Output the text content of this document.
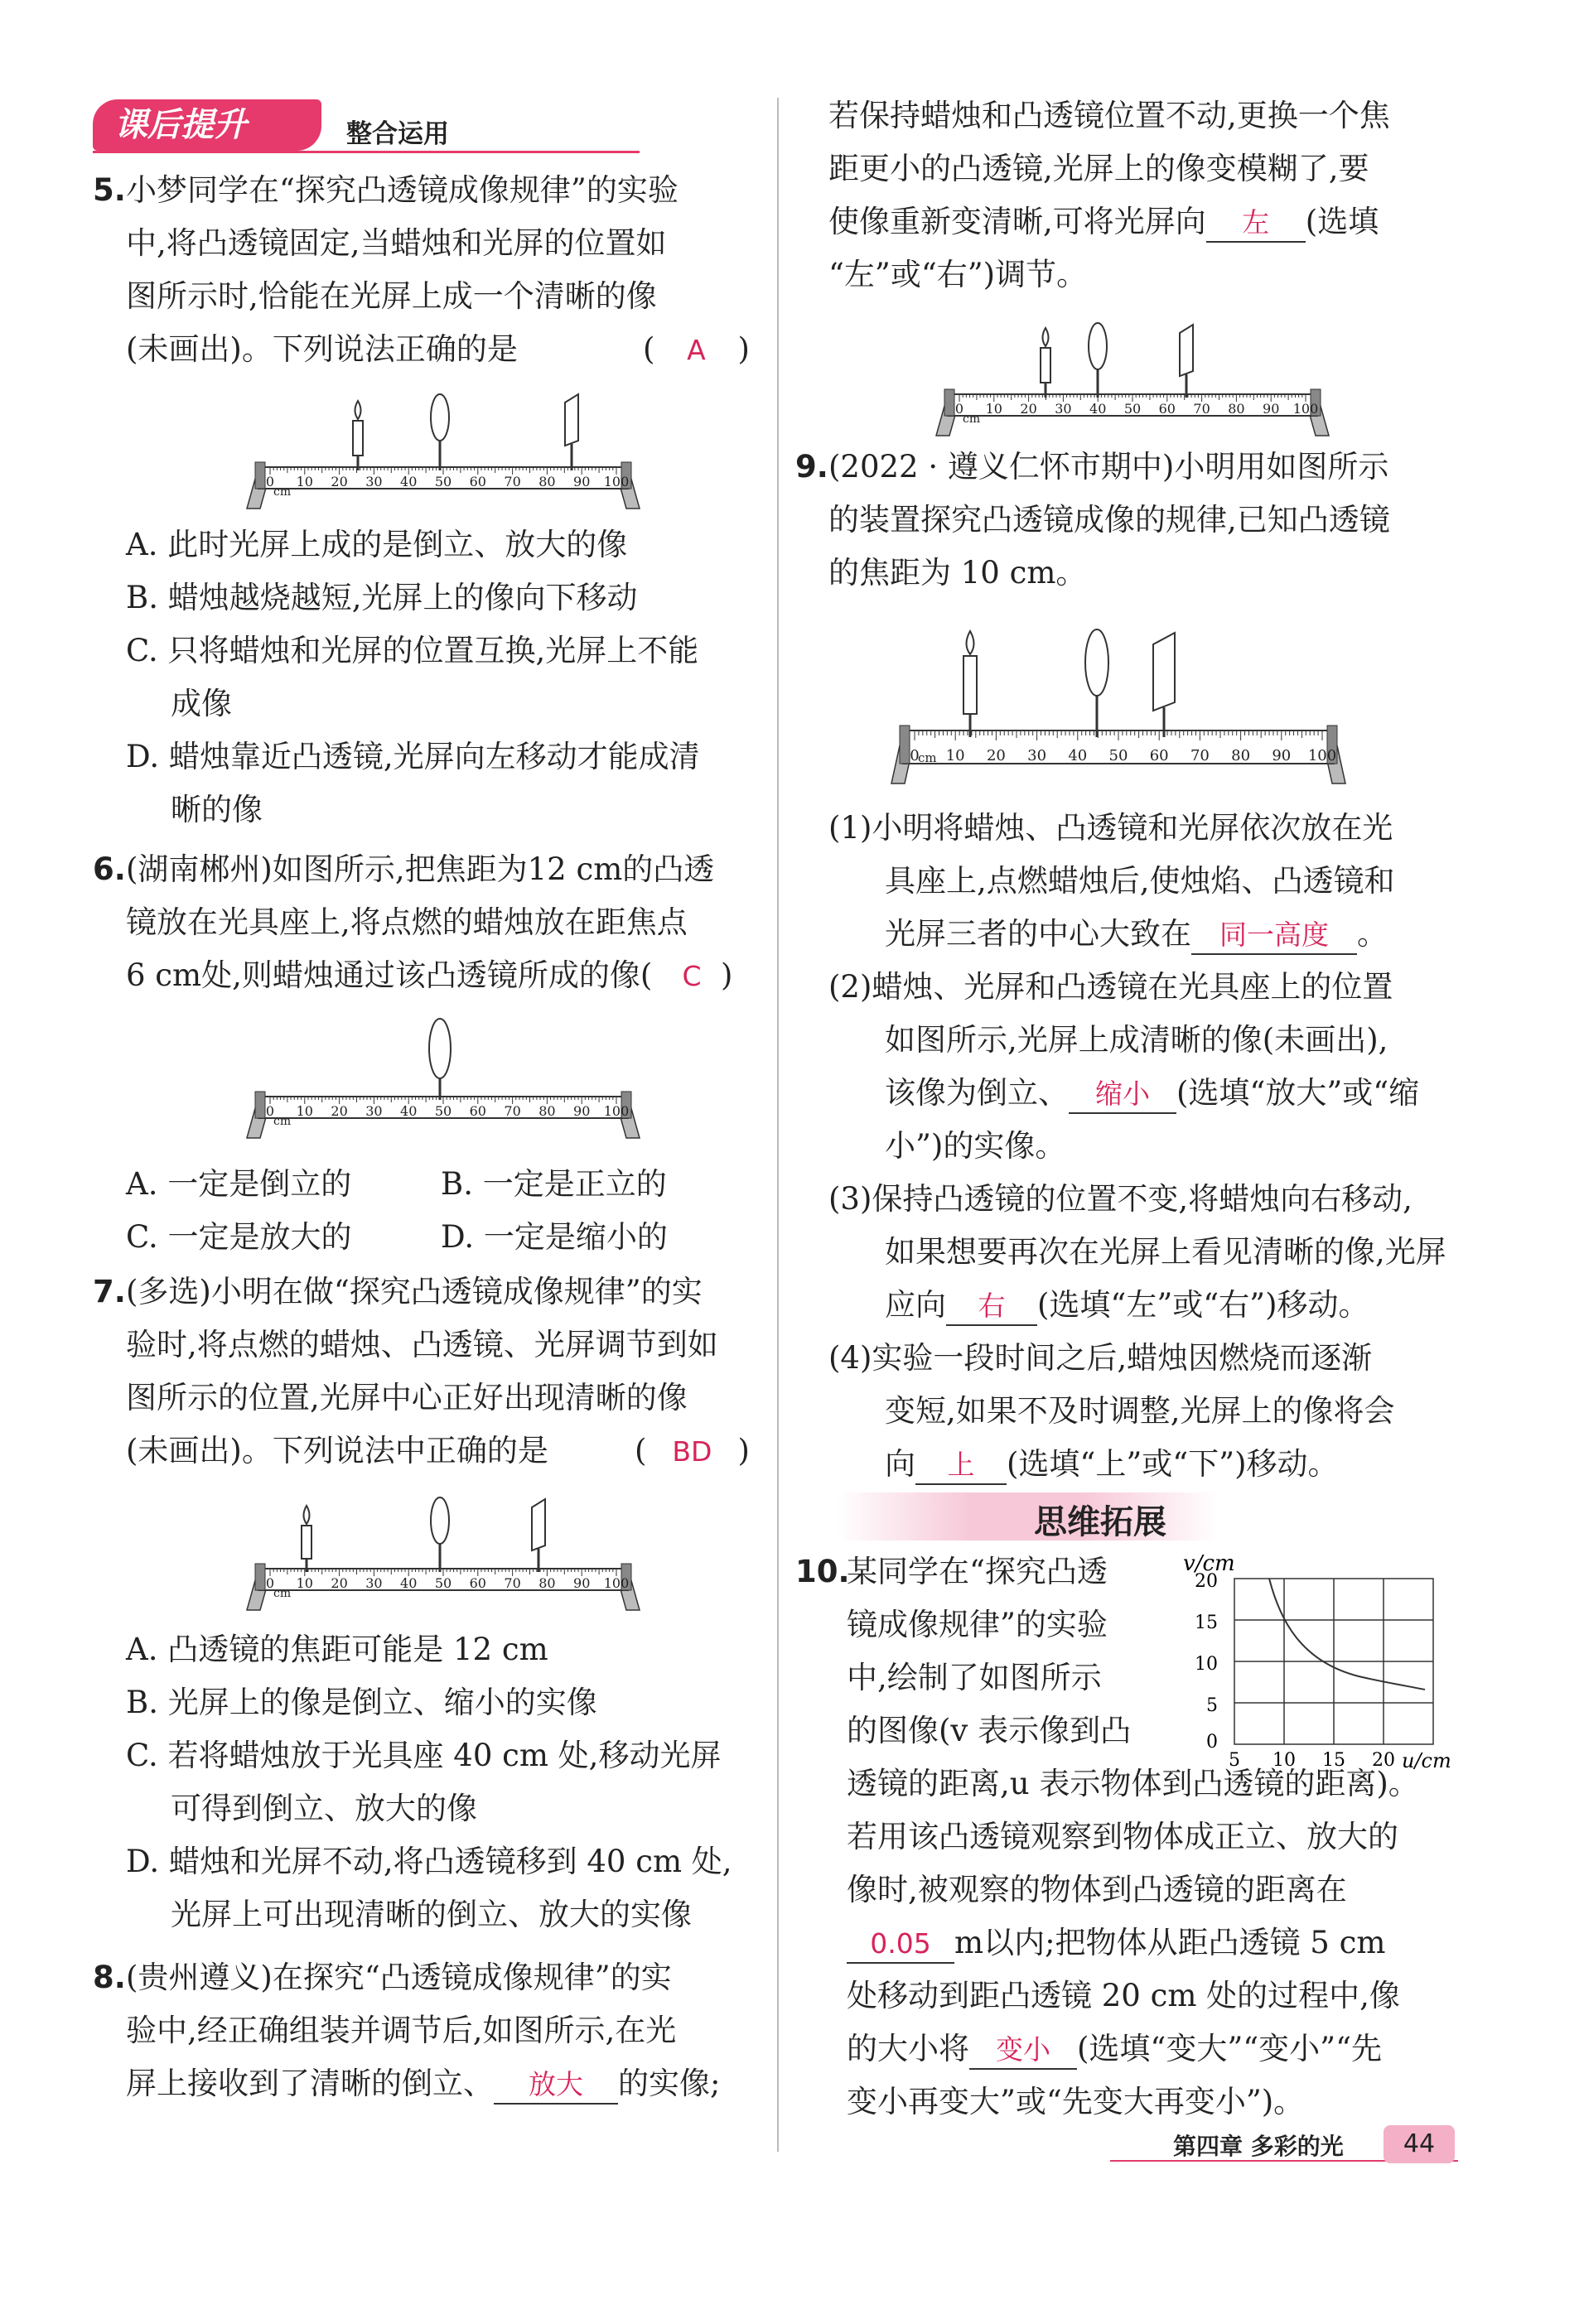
课后提升	整合运用
5. 小梦同学在“探究凸透镜成像规律”的实验
中,将凸透镜固定,当蜡烛和光屏的位置如
图所示时,恰能在光屏上成一个清晰的像
(未画出)。下列说法正确的是	( A )
0 10 20 30 40 50 60 70 80 90 100
cm
A. 此时光屏上成的是倒立、放大的像
B. 蜡烛越烧越短,光屏上的像向下移动
C. 只将蜡烛和光屏的位置互换,光屏上不能
成像
D. 蜡烛靠近凸透镜,光屏向左移动才能成清
晰的像
6. (湖南郴州)如图所示,把焦距为12 cm的凸透
镜放在光具座上,将点燃的蜡烛放在距焦点
6 cm处,则蜡烛通过该凸透镜所成的像(	C )
0 10 20 30 40 50 60 70 80 90 100
cm
A. 一定是倒立的	B. 一定是正立的
C. 一定是放大的	D. 一定是缩小的
7. (多选)小明在做“探究凸透镜成像规律”的实
验时,将点燃的蜡烛、凸透镜、光屏调节到如
图所示的位置,光屏中心正好出现清晰的像
(未画出)。下列说法中正确的是	( BD )
0 10 20 30 40 50 60 70 80 90 100
cm
A. 凸透镜的焦距可能是 12 cm
B. 光屏上的像是倒立、缩小的实像
C. 若将蜡烛放于光具座 40 cm 处,移动光屏
可得到倒立、放大的像
D. 蜡烛和光屏不动,将凸透镜移到 40 cm 处,
光屏上可出现清晰的倒立、放大的实像
8. (贵州遵义)在探究“凸透镜成像规律”的实
验中,经正确组装并调节后,如图所示,在光
屏上接收到了清晰的倒立、 放大 的实像;
若保持蜡烛和凸透镜位置不动,更换一个焦
距更小的凸透镜,光屏上的像变模糊了,要
使像重新变清晰,可将光屏向 左 (选填
“左”或“右”)调节。
0 10 20 30 40 50 60 70 80 90 100
cm
9. (2022 · 遵义仁怀市期中)小明用如图所示
的装置探究凸透镜成像的规律,已知凸透镜
的焦距为 10 cm。
0 10 20 30 40 50 60 70 80 90 100
cm
(1)小明将蜡烛、凸透镜和光屏依次放在光
具座上,点燃蜡烛后,使烛焰、凸透镜和
光屏三者的中心大致在 同一高度 。
(2)蜡烛、光屏和凸透镜在光具座上的位置
如图所示,光屏上成清晰的像(未画出),
该像为倒立、 缩小 (选填“放大”或“缩
小”)的实像。
(3)保持凸透镜的位置不变,将蜡烛向右移动,
如果想要再次在光屏上看见清晰的像,光屏
应向 右 (选填“左”或“右”)移动。
(4)实验一段时间之后,蜡烛因燃烧而逐渐
变短,如果不及时调整,光屏上的像将会
向 上 (选填“上”或“下”)移动。
思维拓展
10.
某同学在“探究凸透
镜成像规律”的实验
中,绘制了如图所示
的图像(v 表示像到凸
v/cm
20
15
10
5
0
5 10 15 20 u/cm
透镜的距离,u 表示物体到凸透镜的距离)。
若用该凸透镜观察到物体成正立、放大的
像时,被观察的物体到凸透镜的距离在
0.05 m以内;把物体从距凸透镜 5 cm
处移动到距凸透镜 20 cm 处的过程中,像
的大小将 变小 (选填“变大”“变小”“先
变小再变大”或“先变大再变小”)。
第四章 多彩的光	44
